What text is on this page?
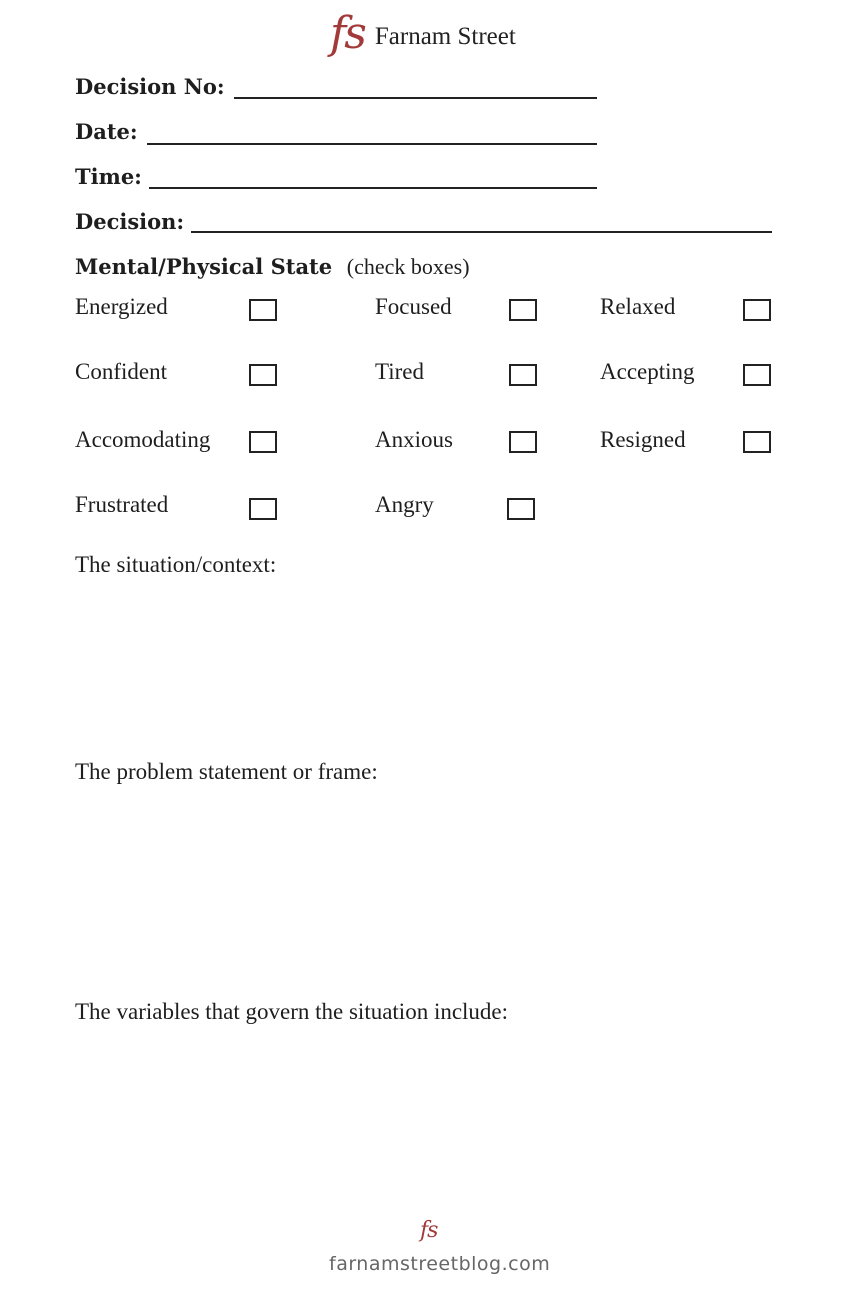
fs Farnam Street
Decision No:
Date:
Time:
Decision:
Mental/Physical State (check boxes)
Energized	Focused	Relaxed
Confident	Tired	Accepting
Accomodating	Anxious	Resigned
Frustrated	Angry
The situation/context:
The problem statement or frame:
The variables that govern the situation include:
fs
farnamstreetblog.com
